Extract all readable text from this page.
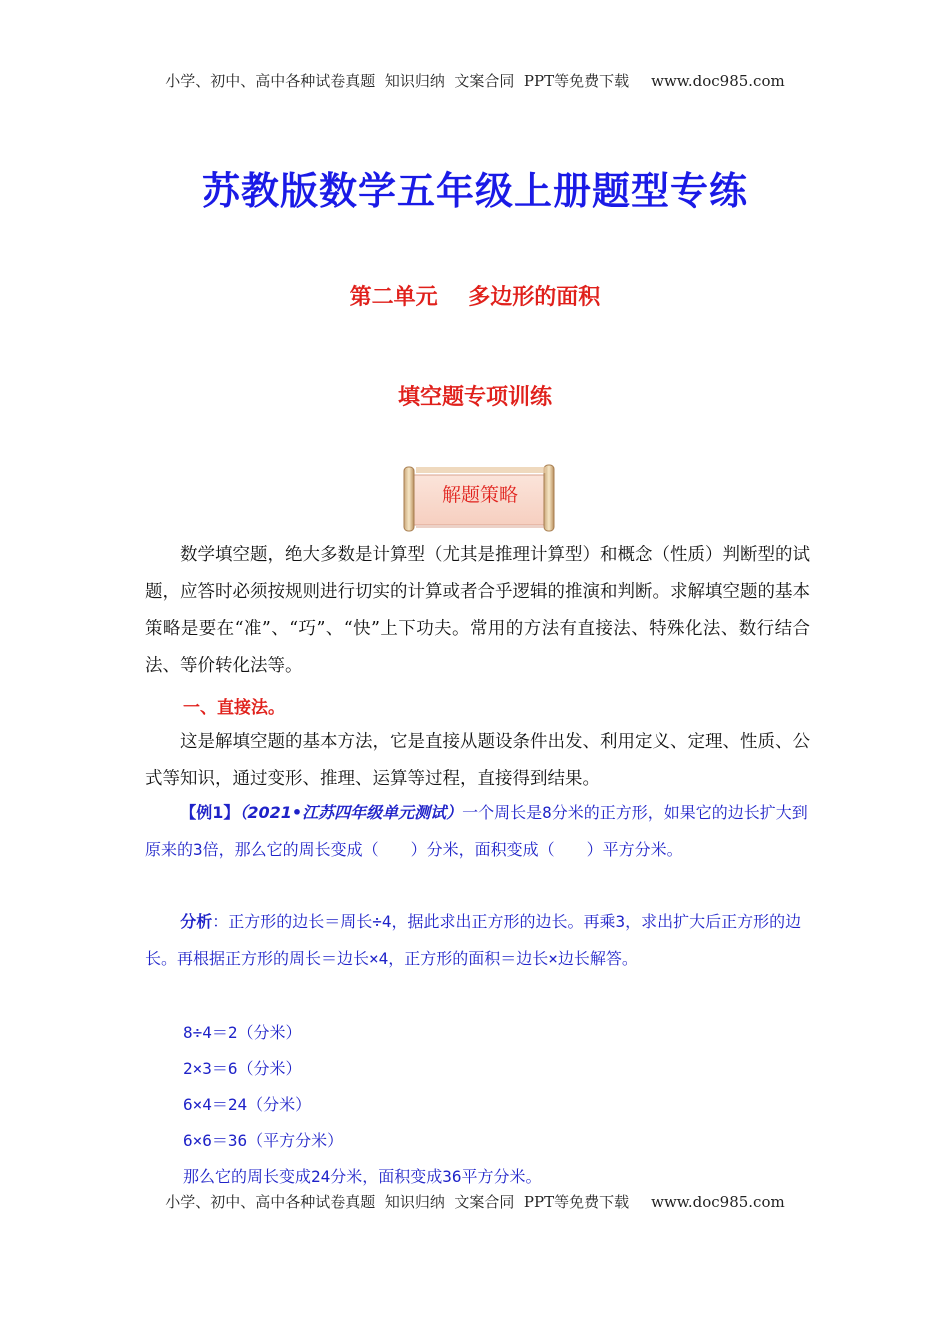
小学、初中、高中各种试卷真题  知识归纳  文案合同  PPT等免费下载 www.doc985.com
苏教版数学五年级上册题型专练
第二单元    多边形的面积
填空题专项训练
解题策略
数学填空题，绝大多数是计算型（尤其是推理计算型）和概念（性质）判断型的试题，应答时必须按规则进行切实的计算或者合乎逻辑的推演和判断。求解填空题的基本策略是要在“准”、“巧”、“快”上下功夫。常用的方法有直接法、特殊化法、数行结合法、等价转化法等。
一、直接法。
这是解填空题的基本方法，它是直接从题设条件出发、利用定义、定理、性质、公式等知识，通过变形、推理、运算等过程，直接得到结果。
【例1】（2021•江苏四年级单元测试）一个周长是8分米的正方形，如果它的边长扩大到原来的3倍，那么它的周长变成（　　）分米，面积变成（　　）平方分米。
分析：正方形的边长＝周长÷4，据此求出正方形的边长。再乘3，求出扩大后正方形的边长。再根据正方形的周长＝边长×4，正方形的面积＝边长×边长解答。
8÷4＝2（分米）
2×3＝6（分米）
6×4＝24（分米）
6×6＝36（平方分米）
那么它的周长变成24分米，面积变成36平方分米。
小学、初中、高中各种试卷真题  知识归纳  文案合同  PPT等免费下载 www.doc985.com
